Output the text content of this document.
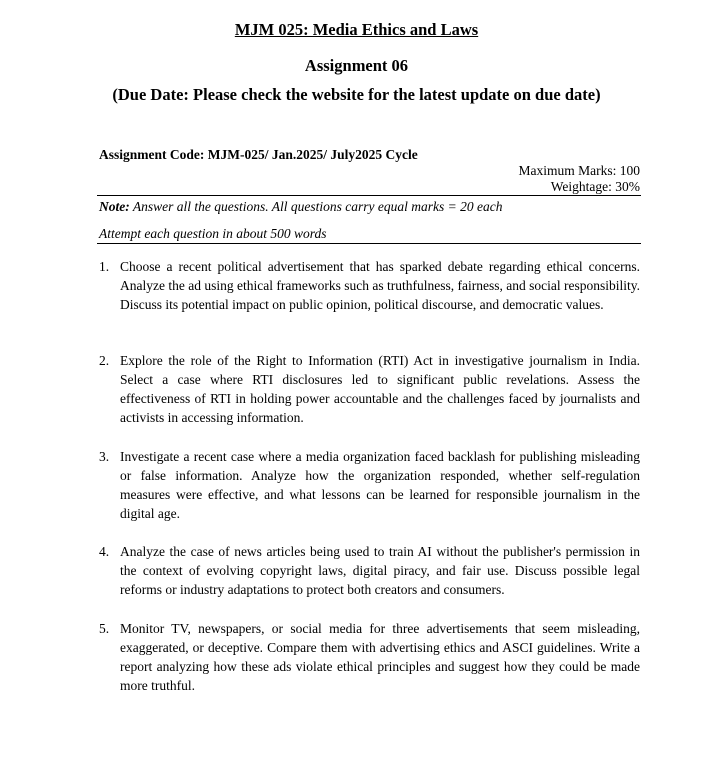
MJM 025: Media Ethics and Laws
Assignment 06
(Due Date: Please check the website for the latest update on due date)
Assignment Code: MJM-025/ Jan.2025/ July2025 Cycle
Maximum Marks: 100
Weightage: 30%
Note: Answer all the questions. All questions carry equal marks = 20 each
Attempt each question in about 500 words
1. Choose a recent political advertisement that has sparked debate regarding ethical concerns. Analyze the ad using ethical frameworks such as truthfulness, fairness, and social responsibility. Discuss its potential impact on public opinion, political discourse, and democratic values.
2. Explore the role of the Right to Information (RTI) Act in investigative journalism in India. Select a case where RTI disclosures led to significant public revelations. Assess the effectiveness of RTI in holding power accountable and the challenges faced by journalists and activists in accessing information.
3. Investigate a recent case where a media organization faced backlash for publishing misleading or false information. Analyze how the organization responded, whether self-regulation measures were effective, and what lessons can be learned for responsible journalism in the digital age.
4. Analyze the case of news articles being used to train AI without the publisher's permission in the context of evolving copyright laws, digital piracy, and fair use. Discuss possible legal reforms or industry adaptations to protect both creators and consumers.
5. Monitor TV, newspapers, or social media for three advertisements that seem misleading, exaggerated, or deceptive. Compare them with advertising ethics and ASCI guidelines. Write a report analyzing how these ads violate ethical principles and suggest how they could be made more truthful.
